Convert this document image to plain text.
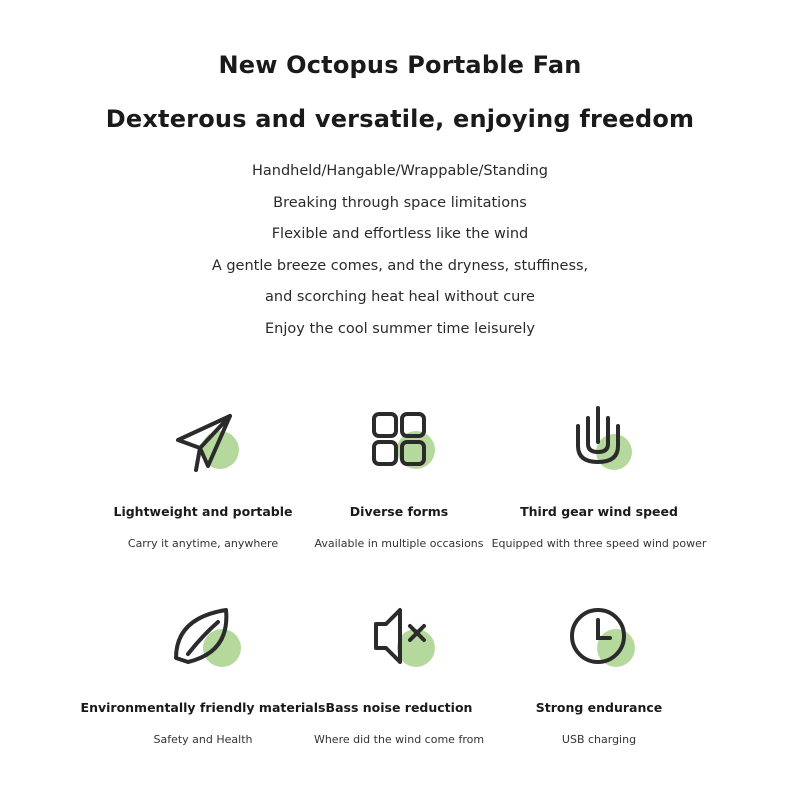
New Octopus Portable Fan
Dexterous and versatile, enjoying freedom
Handheld/Hangable/Wrappable/Standing
Breaking through space limitations
Flexible and effortless like the wind
A gentle breeze comes, and the dryness, stuffiness,
and scorching heat heal without cure
Enjoy the cool summer time leisurely
Lightweight and portable
Carry it anytime, anywhere
Diverse forms
Available in multiple occasions
Third gear wind speed
Equipped with three speed wind power
Environmentally friendly materials
Safety and Health
Bass noise reduction
Where did the wind come from
Strong endurance
USB charging
